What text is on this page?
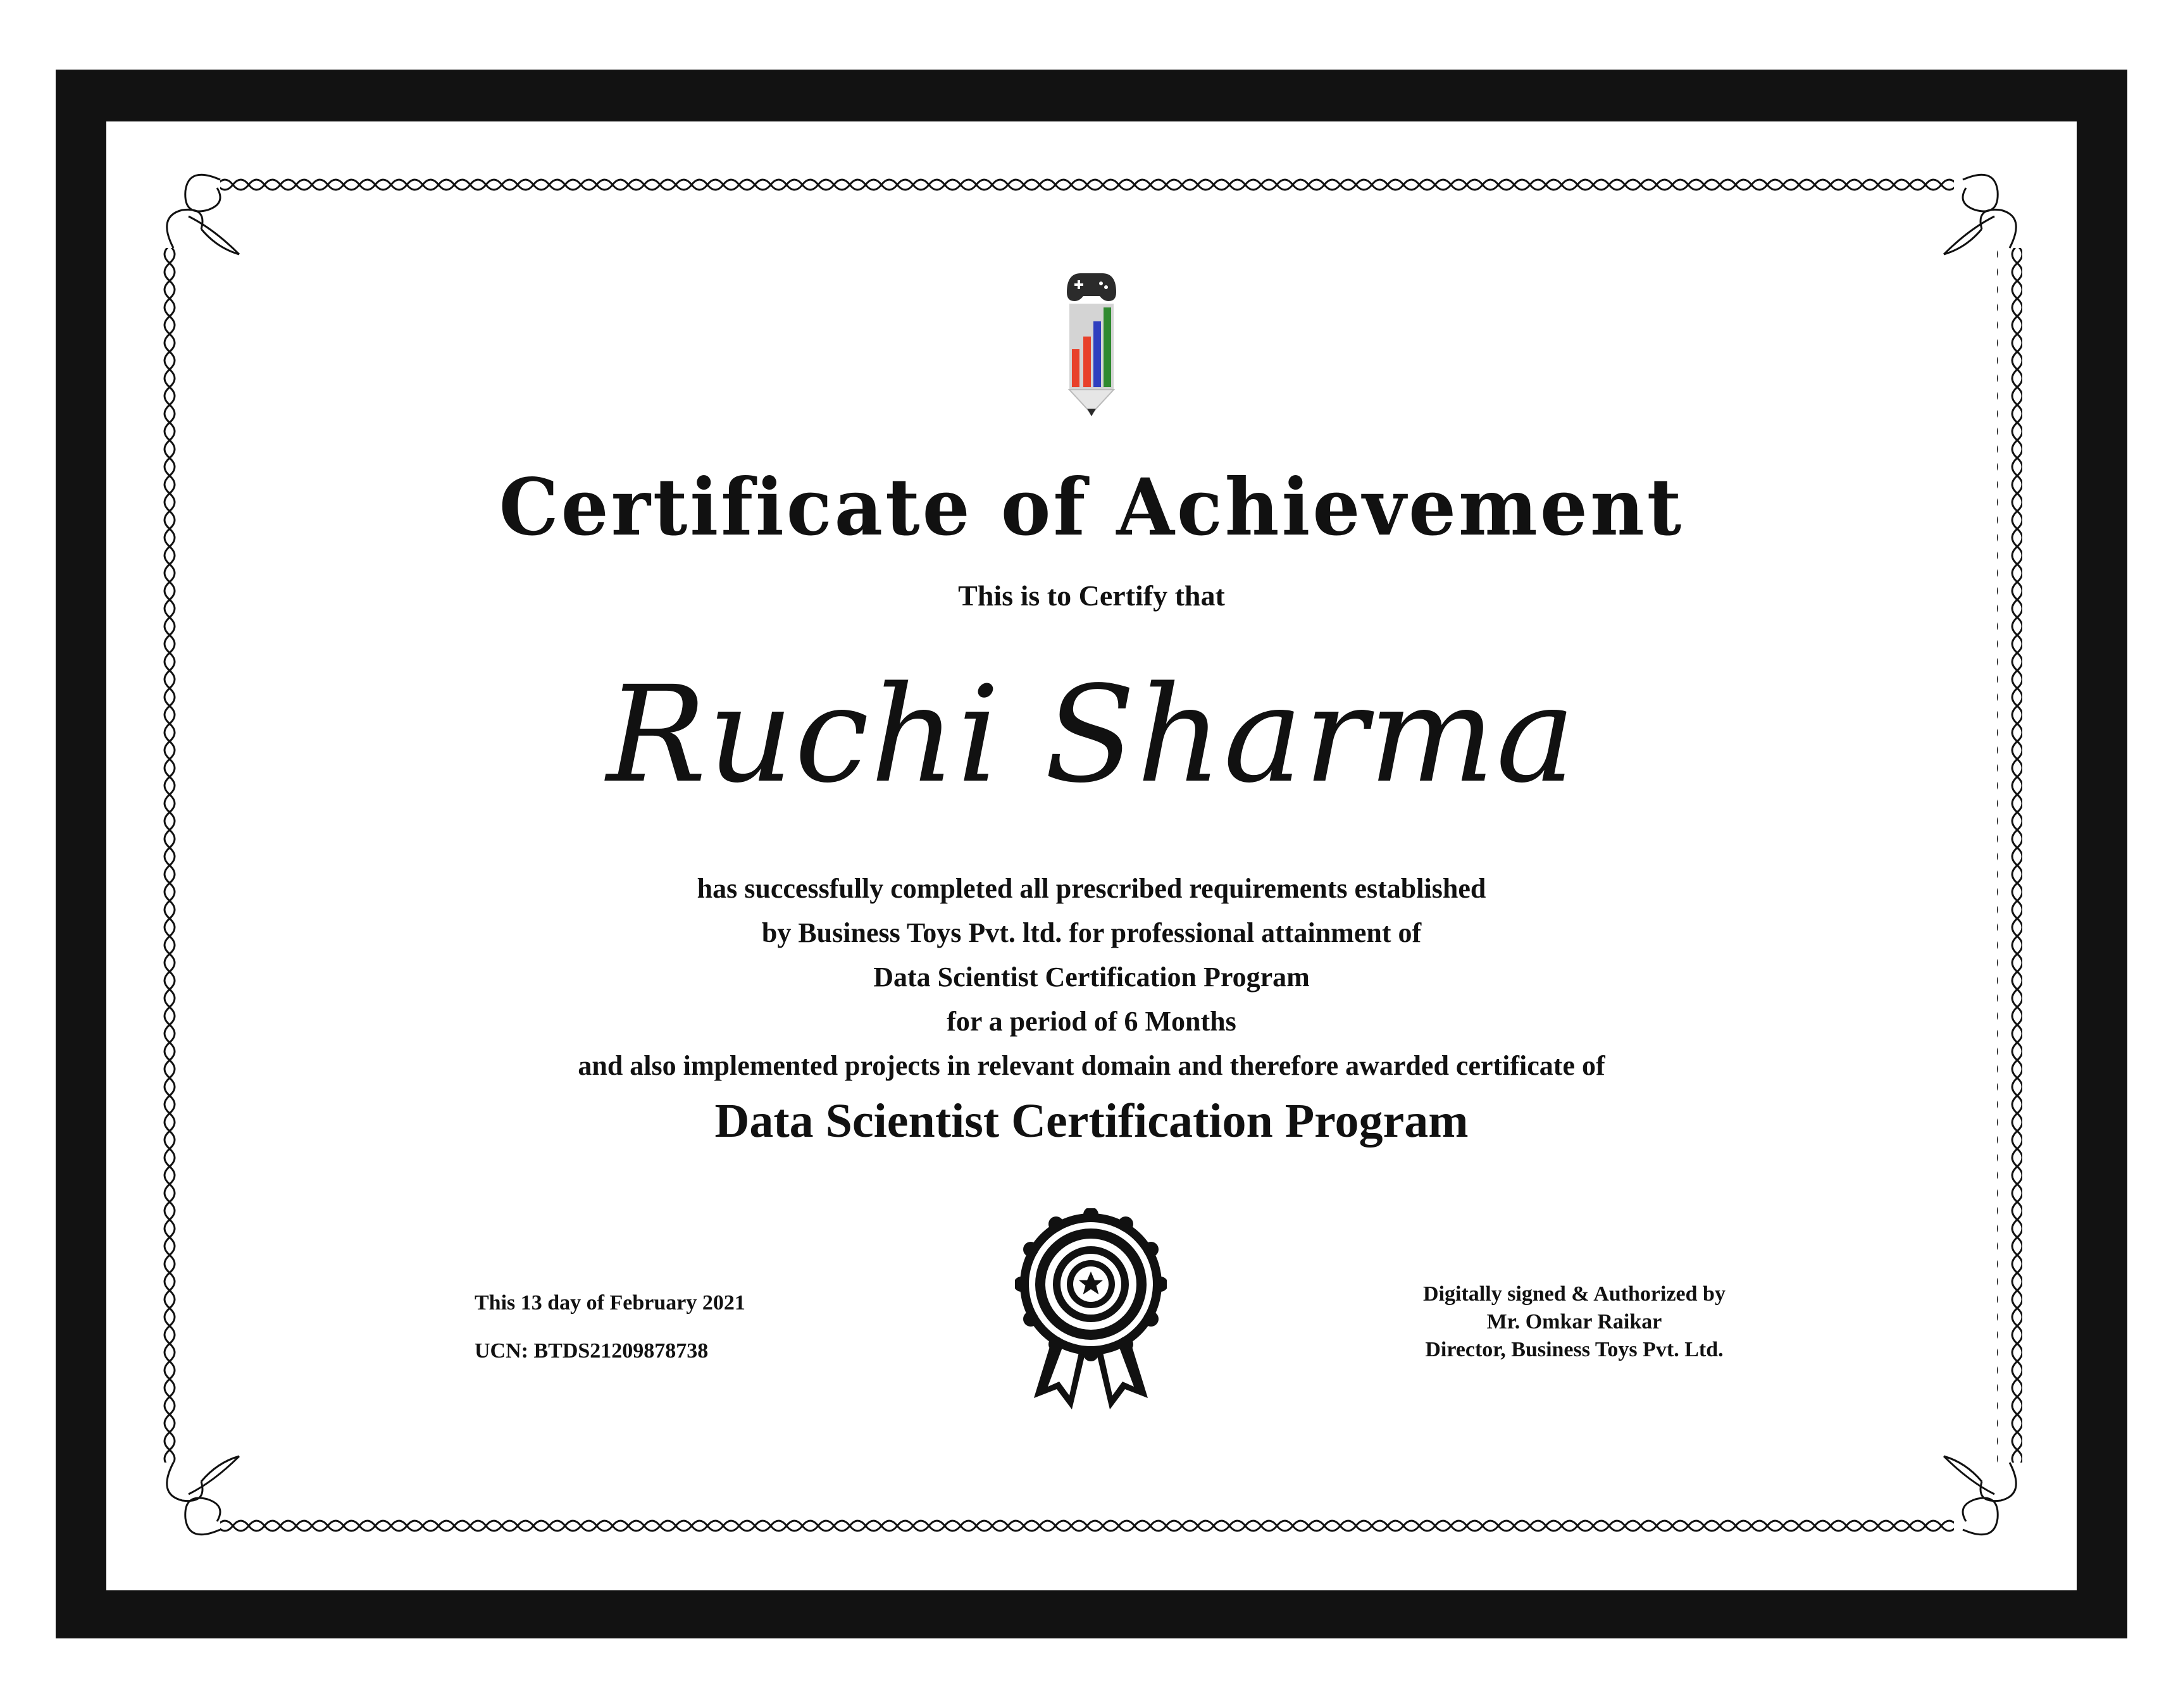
Certificate of Achievement
This is to Certify that
Ruchi Sharma
has successfully completed all prescribed requirements established
by Business Toys Pvt. ltd. for professional attainment of
Data Scientist Certification Program
for a period of 6 Months
and also implemented projects in relevant domain and therefore awarded certificate of
Data Scientist Certification Program
This 13 day of February 2021
UCN: BTDS21209878738
Digitally signed & Authorized by
Mr. Omkar Raikar
Director, Business Toys Pvt. Ltd.
